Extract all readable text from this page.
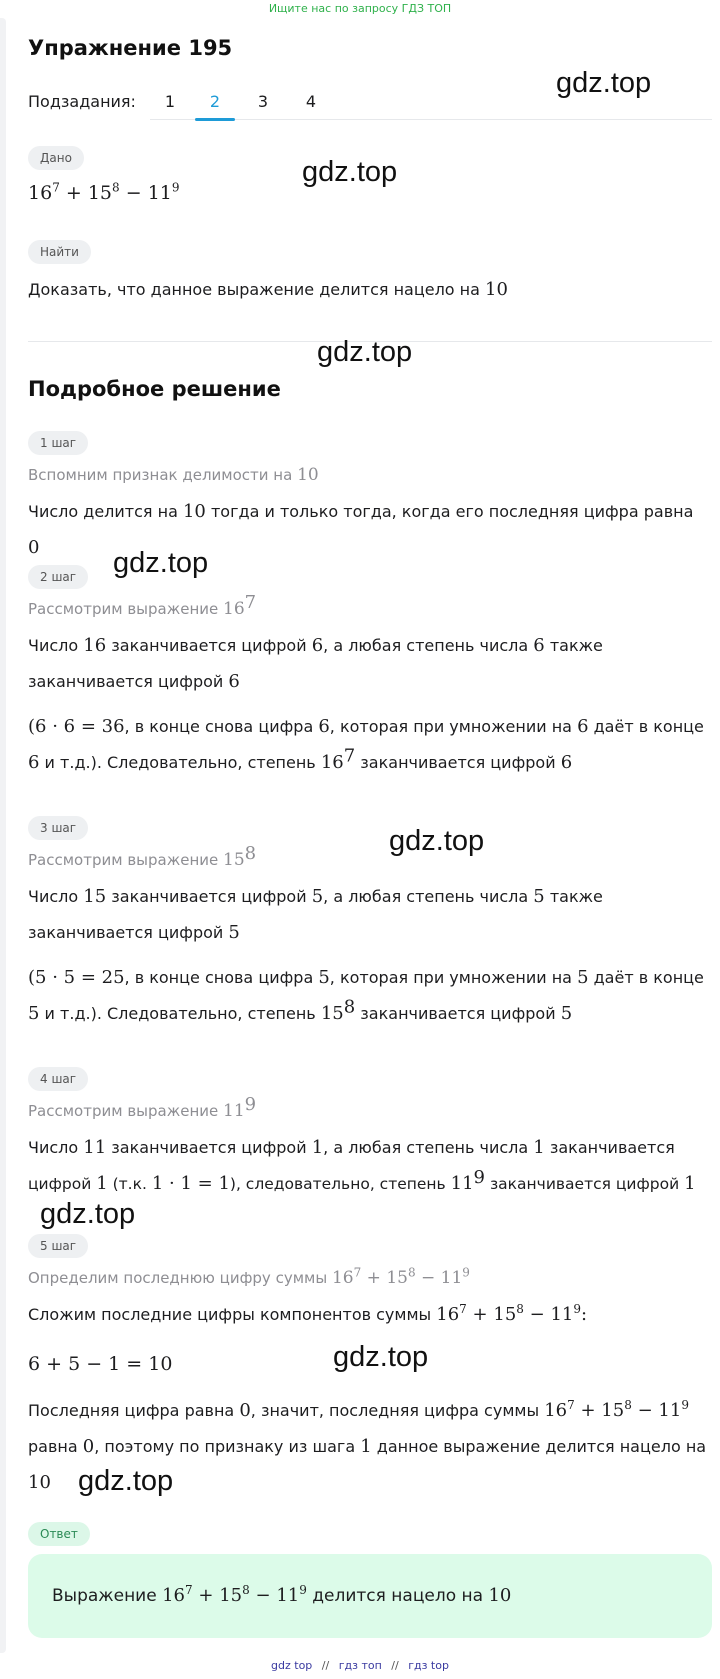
Ищите нас по запросу ГДЗ ТОП
Упражнение 195
Подзадания:	1	2	3	4
Дано
$16^7 + 15^8 - 11^9$
Найти
Доказать, что данное выражение делится нацело на 10
Подробное решение
1 шаг
Вспомним признак делимости на 10
Число делится на 10 тогда и только тогда, когда его последняя цифра равна 0
2 шаг
Рассмотрим выражение $16^7$
Число 16 заканчивается цифрой 6, а любая степень числа 6 также
заканчивается цифрой 6
(6 · 6 = 36, в конце снова цифра 6, которая при умножении на 6 даёт в конце
6 и т.д.). Следовательно, степень $16^7$ заканчивается цифрой 6
3 шаг
Рассмотрим выражение $15^8$
Число 15 заканчивается цифрой 5, а любая степень числа 5 также
заканчивается цифрой 5
(5 · 5 = 25, в конце снова цифра 5, которая при умножении на 5 даёт в конце
5 и т.д.). Следовательно, степень $15^8$ заканчивается цифрой 5
4 шаг
Рассмотрим выражение $11^9$
Число 11 заканчивается цифрой 1, а любая степень числа 1 заканчивается
цифрой 1 (т.к. 1 · 1 = 1), следовательно, степень $11^9$ заканчивается цифрой 1
5 шаг
Определим последнюю цифру суммы $16^7 + 15^8 - 11^9$
Сложим последние цифры компонентов суммы $16^7 + 15^8 - 11^9$:
6 + 5 − 1 = 10
Последняя цифра равна 0, значит, последняя цифра суммы $16^7 + 15^8 - 11^9$
равна 0, поэтому по признаку из шага 1 данное выражение делится нацело на
10
Ответ
Выражение $16^7 + 15^8 - 11^9$ делится нацело на 10
gdz.top
gdz.top
gdz.top
gdz.top
gdz.top
gdz.top
gdz.top
gdz.top
gdz top // гдз топ // гдз top
